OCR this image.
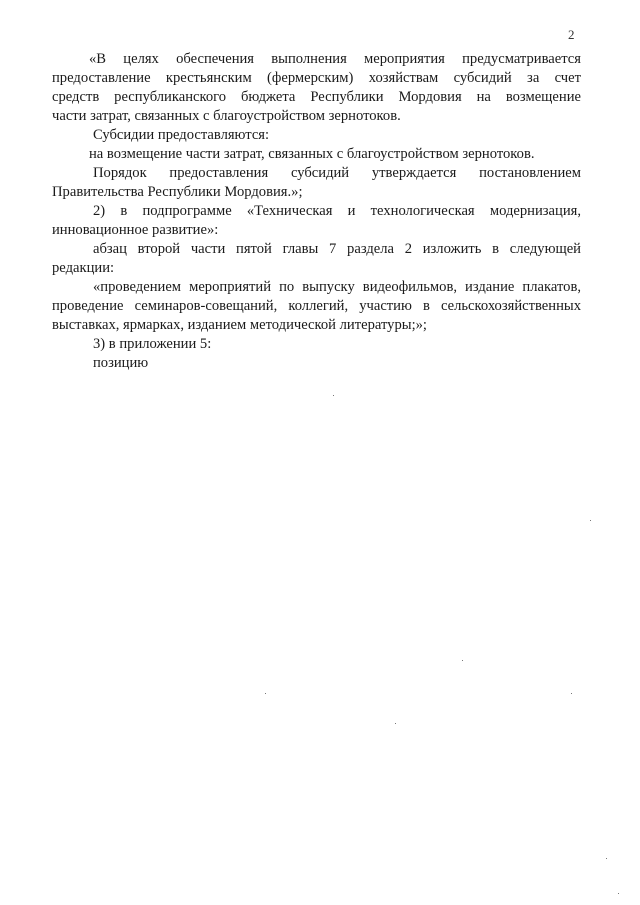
2
«В целях обеспечения выполнения мероприятия предусматривается
предоставление крестьянским (фермерским) хозяйствам субсидий за счет
средств республиканского бюджета Республики Мордовия на возмещение
части затрат, связанных с благоустройством зернотоков.
Субсидии предоставляются:
на возмещение части затрат, связанных с благоустройством зернотоков.
Порядок предоставления субсидий утверждается постановлением
Правительства Республики Мордовия.»;
2) в подпрограмме «Техническая и технологическая модернизация,
инновационное развитие»:
абзац второй части пятой главы 7 раздела 2 изложить в следующей
редакции:
«проведением мероприятий по выпуску видеофильмов, издание плакатов,
проведение семинаров-совещаний, коллегий, участию в сельскохозяйственных
выставках, ярмарках, изданием методической литературы;»;
3) в приложении 5:
позицию
